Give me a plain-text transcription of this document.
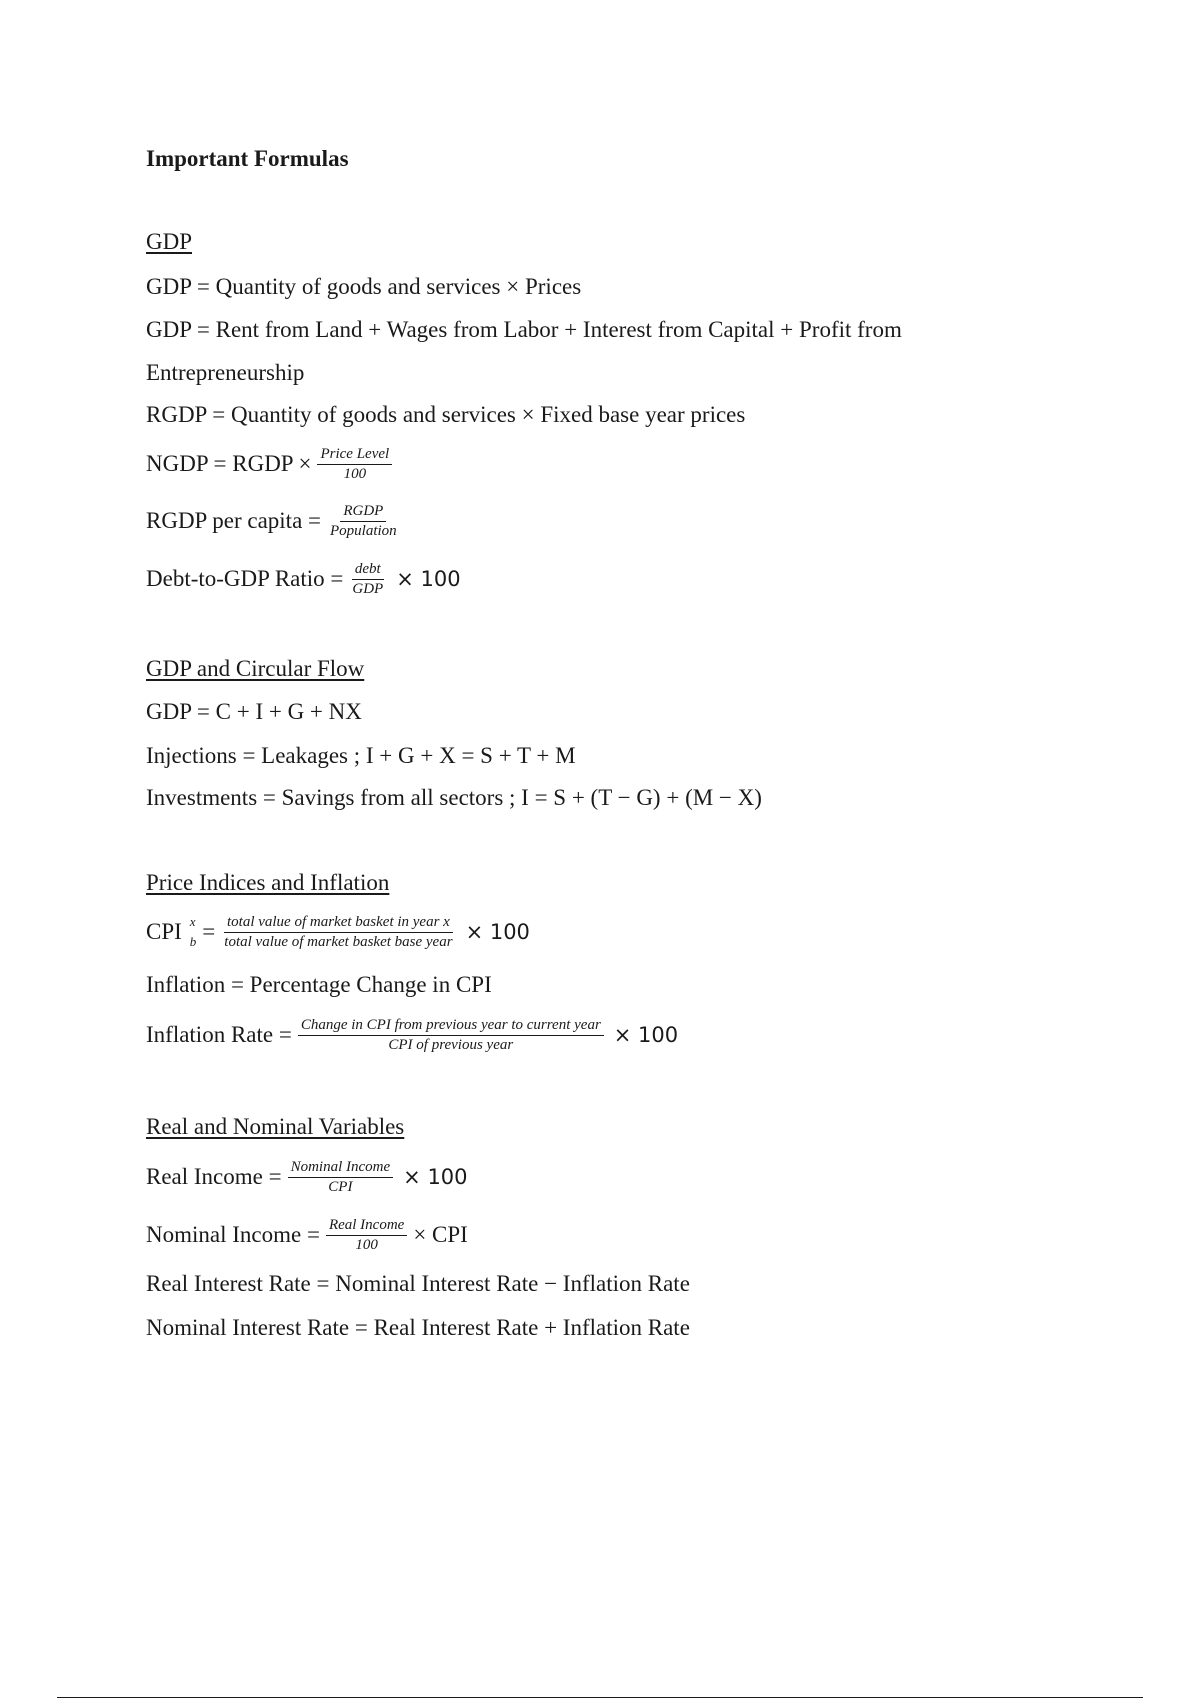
Important Formulas
GDP
GDP = Quantity of goods and services × Prices
GDP = Rent from Land + Wages from Labor + Interest from Capital + Profit from
Entrepreneurship
RGDP = Quantity of goods and services × Fixed base year prices
NGDP = RGDP × $\frac{\text{Price Level}}{100}$
RGDP per capita = $\frac{\text{RGDP}}{\text{Population}}$
Debt-to-GDP Ratio = $\frac{\text{debt}}{\text{GDP}} \times 100$
GDP and Circular Flow
GDP = C + I + G + NX
Injections = Leakages ; I + G + X = S + T + M
Investments = Savings from all sectors ; I = S + (T − G) + (M − X)
Price Indices and Inflation
CPI x
$b = \frac{\text{total value of market basket in year x}}{\text{total value of market basket base year}} \times 100$
Inflation = Percentage Change in CPI
Inflation Rate = $\frac{\text{Change in CPI from previous year to current year}}{\text{CPI of previous year}} \times 100$
Real and Nominal Variables
Real Income = $\frac{\text{Nominal Income}}{\text{CPI}} \times 100$
Nominal Income = $\frac{\text{Real Income}}{100}$ × CPI
Real Interest Rate = Nominal Interest Rate − Inflation Rate
Nominal Interest Rate = Real Interest Rate + Inflation Rate
